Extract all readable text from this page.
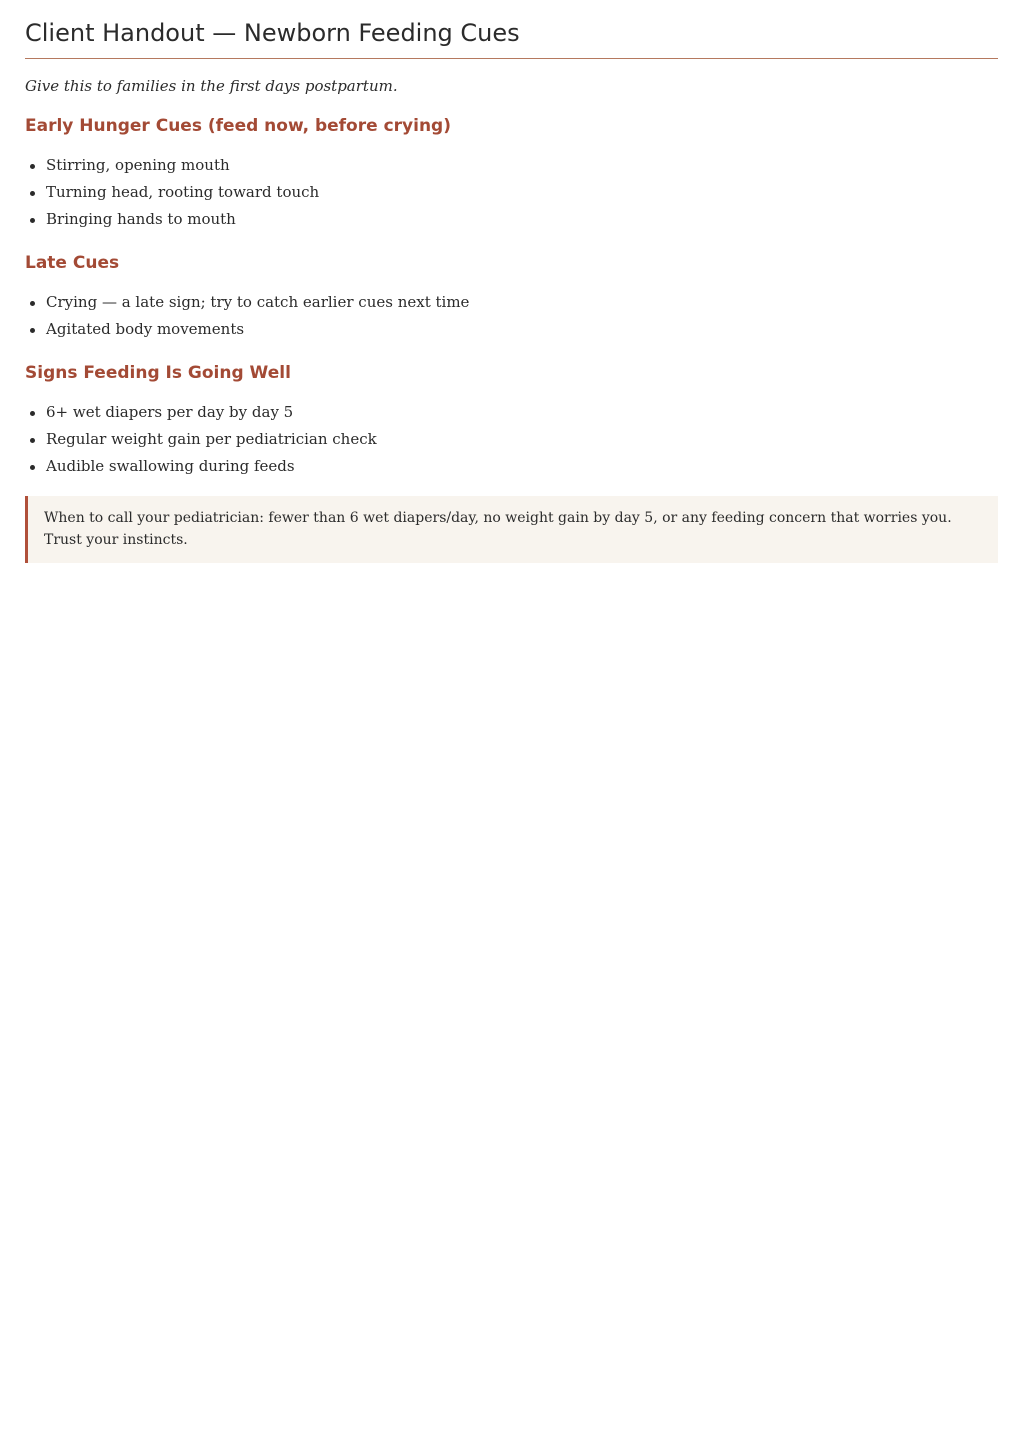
Client Handout — Newborn Feeding Cues

Give this to families in the first days postpartum.

Early Hunger Cues (feed now, before crying)
Stirring, opening mouth
Turning head, rooting toward touch
Bringing hands to mouth
Late Cues
Crying — a late sign; try to catch earlier cues next time
Agitated body movements
Signs Feeding Is Going Well
6+ wet diapers per day by day 5
Regular weight gain per pediatrician check
Audible swallowing during feeds
When to call your pediatrician: fewer than 6 wet diapers/day, no weight gain by day 5, or any feeding concern that worries you. Trust your instincts.
